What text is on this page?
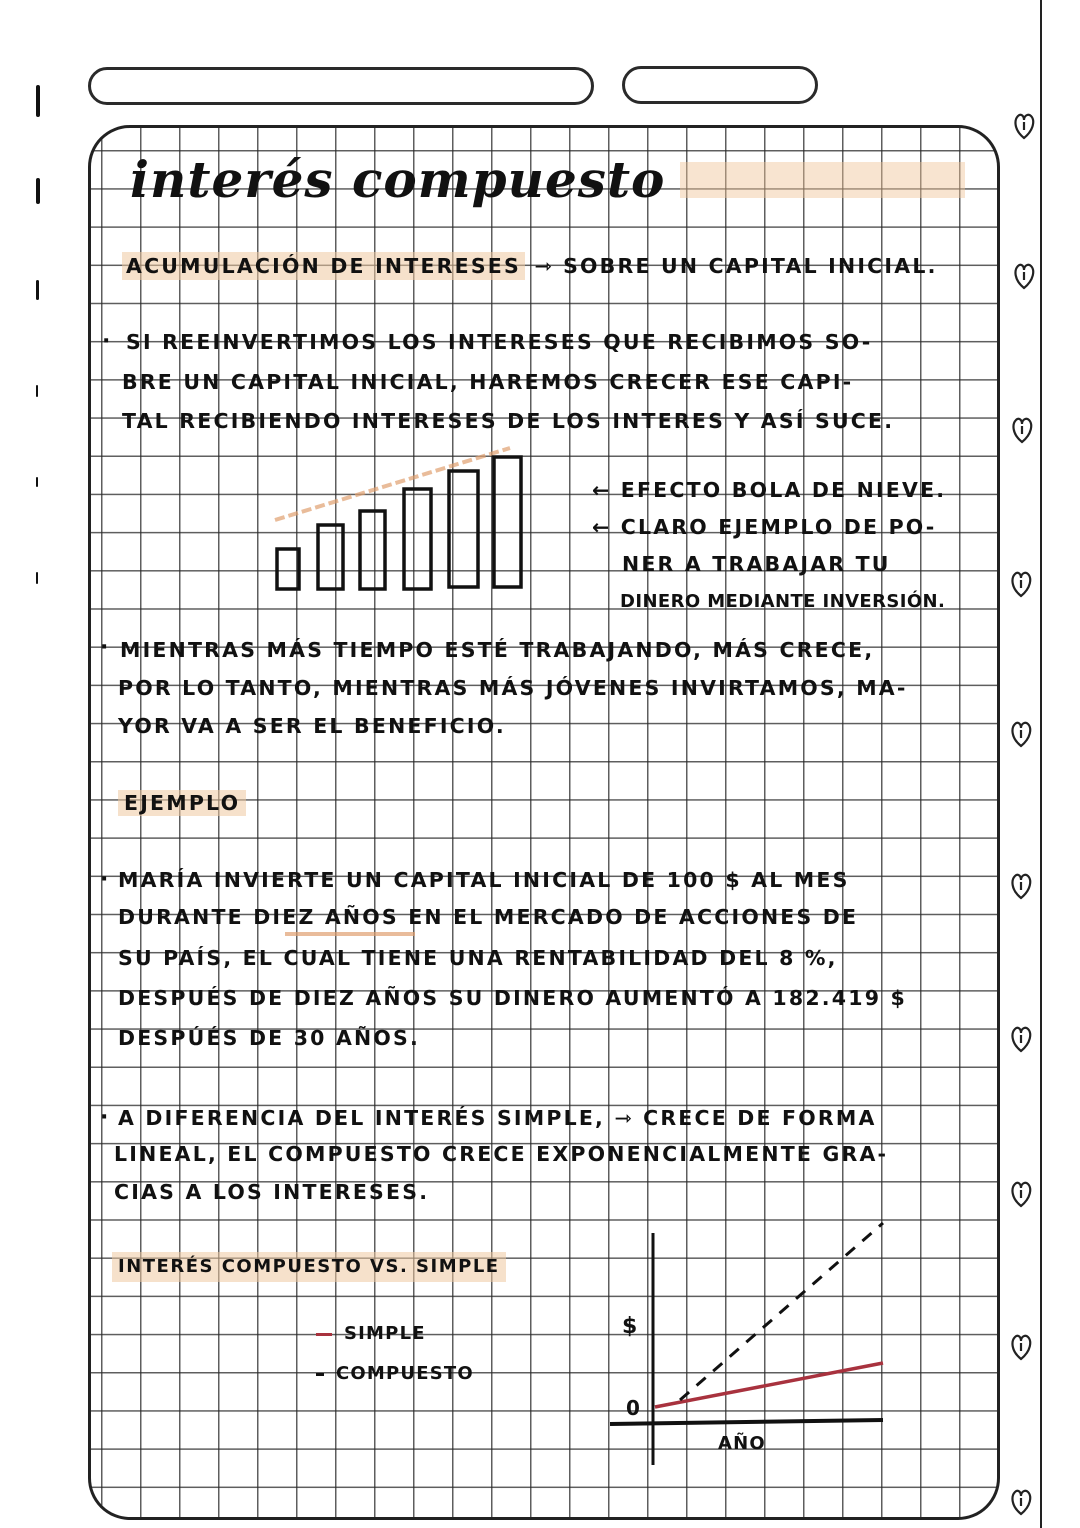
interés compuesto
ACUMULACIÓN DE INTERESES ⇾ SOBRE UN CAPITAL INICIAL.
· SI REEINVERTIMOS LOS INTERESES QUE RECIBIMOS SO-
BRE UN CAPITAL INICIAL, HAREMOS CRECER ESE CAPI-
TAL RECIBIENDO INTERESES DE LOS INTERES Y ASÍ SUCE.
← EFECTO BOLA DE NIEVE.
← CLARO EJEMPLO DE PO-
NER A TRABAJAR TU
DINERO MEDIANTE INVERSIÓN.
· MIENTRAS MÁS TIEMPO ESTÉ TRABAJANDO, MÁS CRECE,
POR LO TANTO, MIENTRAS MÁS JÓVENES INVIRTAMOS, MA-
YOR VA A SER EL BENEFICIO.
EJEMPLO
· MARÍA INVIERTE UN CAPITAL INICIAL DE 100 $ AL MES
DURANTE DIEZ AÑOS EN EL MERCADO DE ACCIONES DE
SU PAÍS, EL CUAL TIENE UNA RENTABILIDAD DEL 8 %,
DESPUÉS DE DIEZ AÑOS SU DINERO AUMENTÓ A 182.419 $
DESPÚÉS DE 30 AÑOS.
· A DIFERENCIA DEL INTERÉS SIMPLE, ⇾ CRECE DE FORMA
LINEAL, EL COMPUESTO CRECE EXPONENCIALMENTE GRA-
CIAS A LOS INTERESES.
INTERÉS COMPUESTO VS. SIMPLE
SIMPLE
COMPUESTO
$
0
AÑO
